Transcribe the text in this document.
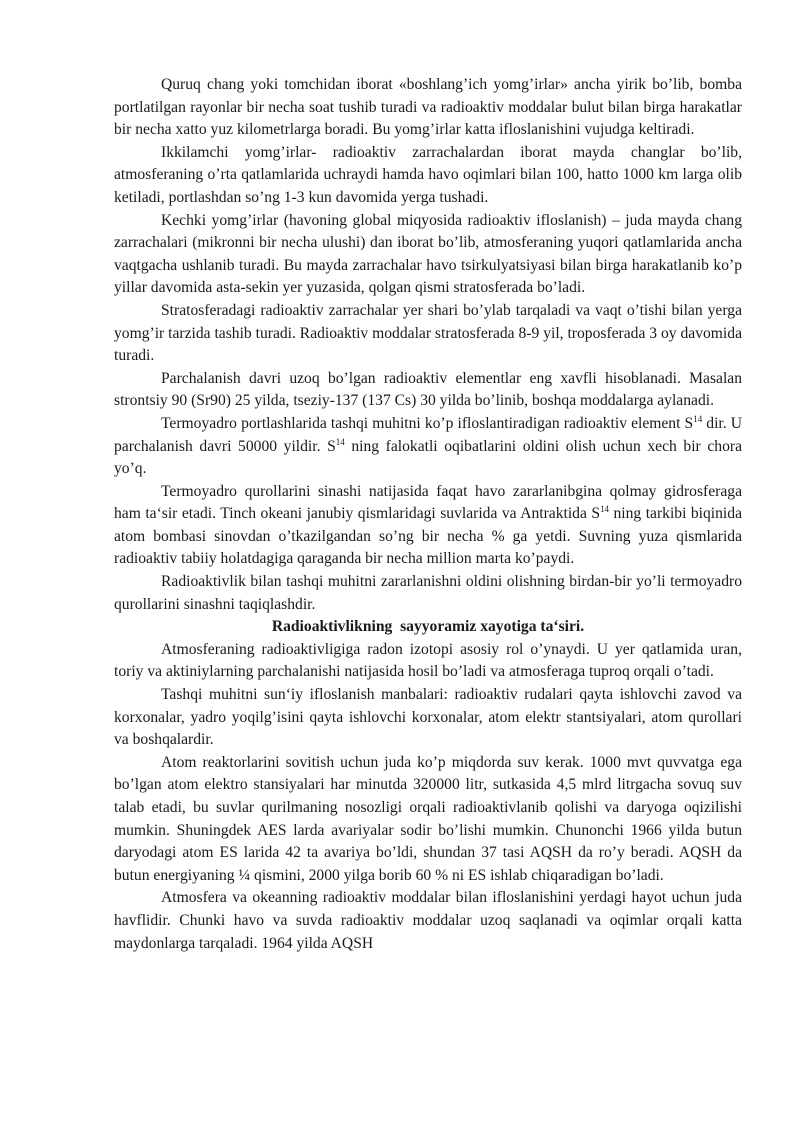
Quruq chang yoki tomchidan iborat «boshlang’ich yomg’irlar» ancha yirik bo’lib, bomba portlatilgan rayonlar bir necha soat tushib turadi va radioaktiv moddalar bulut bilan birga harakatlar bir necha xatto yuz kilometrlarga boradi. Bu yomg’irlar katta ifloslanishini vujudga keltiradi.

Ikkilamchi yomg’irlar- radioaktiv zarrachalardan iborat mayda changlar bo’lib, atmosferaning o’rta qatlamlarida uchraydi hamda havo oqimlari bilan 100, hatto 1000 km larga olib ketiladi, portlashdan so’ng 1-3 kun davomida yerga tushadi.

Kechki yomg’irlar (havoning global miqyosida radioaktiv ifloslanish) – juda mayda chang zarrachalari (mikronni bir necha ulushi) dan iborat bo’lib, atmosferaning yuqori qatlamlarida ancha vaqtgacha ushlanib turadi. Bu mayda zarrachalar havo tsirkulyatsiyasi bilan birga harakatlanib ko’p yillar davomida asta-sekin yer yuzasida, qolgan qismi stratosferada bo’ladi.

Stratosferadagi radioaktiv zarrachalar yer shari bo’ylab tarqaladi va vaqt o’tishi bilan yerga yomg’ir tarzida tashib turadi. Radioaktiv moddalar stratosferada 8-9 yil, troposferada 3 oy davomida turadi.

Parchalanish davri uzoq bo’lgan radioaktiv elementlar eng xavfli hisoblanadi. Masalan strontsiy 90 (Sr90) 25 yilda, tseziy-137 (137 Cs) 30 yilda bo’linib, boshqa moddalarga aylanadi.

Termoyadro portlashlarida tashqi muhitni ko’p ifloslantiradigan radioaktiv element $S^{14}$ dir. U parchalanish davri 50000 yildir. $S^{14}$ ning falokatli oqibatlarini oldini olish uchun xech bir chora yo’q.

Termoyadro qurollarini sinashi natijasida faqat havo zararlanibgina qolmay gidrosferaga ham ta‘sir etadi. Tinch okeani janubiy qismlaridagi suvlarida va Antraktida $S^{14}$ ning tarkibi biqinida atom bombasi sinovdan o’tkazilgandan so’ng bir necha % ga yetdi. Suvning yuza qismlarida radioaktiv tabiiy holatdagiga qaraganda bir necha million marta ko’paydi.

Radioaktivlik bilan tashqi muhitni zararlanishni oldini olishning birdan-bir yo’li termoyadro qurollarini sinashni taqiqlashdir.

Radioaktivlikning  sayyoramiz xayotiga ta‘siri.

Atmosferaning radioaktivligiga radon izotopi asosiy rol o’ynaydi. U yer qatlamida uran, toriy va aktiniylarning parchalanishi natijasida hosil bo’ladi va atmosferaga tuproq orqali o’tadi.

Tashqi muhitni sun‘iy ifloslanish manbalari: radioaktiv rudalari qayta ishlovchi zavod va korxonalar, yadro yoqilg’isini qayta ishlovchi korxonalar, atom elektr stantsiyalari, atom qurollari va boshqalardir.

Atom reaktorlarini sovitish uchun juda ko’p miqdorda suv kerak. 1000 mvt quvvatga ega bo’lgan atom elektro stansiyalari har minutda 320000 litr, sutkasida 4,5 mlrd litrgacha sovuq suv talab etadi, bu suvlar qurilmaning nosozligi orqali radioaktivlanib qolishi va daryoga oqizilishi mumkin. Shuningdek AES larda avariyalar sodir bo’lishi mumkin. Chunonchi 1966 yilda butun daryodagi atom ES larida 42 ta avariya bo’ldi, shundan 37 tasi AQSH da ro’y beradi. AQSH da butun energiyaning ¼ qismini, 2000 yilga borib 60 % ni ES ishlab chiqaradigan bo’ladi.

Atmosfera va okeanning radioaktiv moddalar bilan ifloslanishini yerdagi hayot uchun juda havflidir. Chunki havo va suvda radioaktiv moddalar uzoq saqlanadi va oqimlar orqali katta maydonlarga tarqaladi. 1964 yilda AQSH
